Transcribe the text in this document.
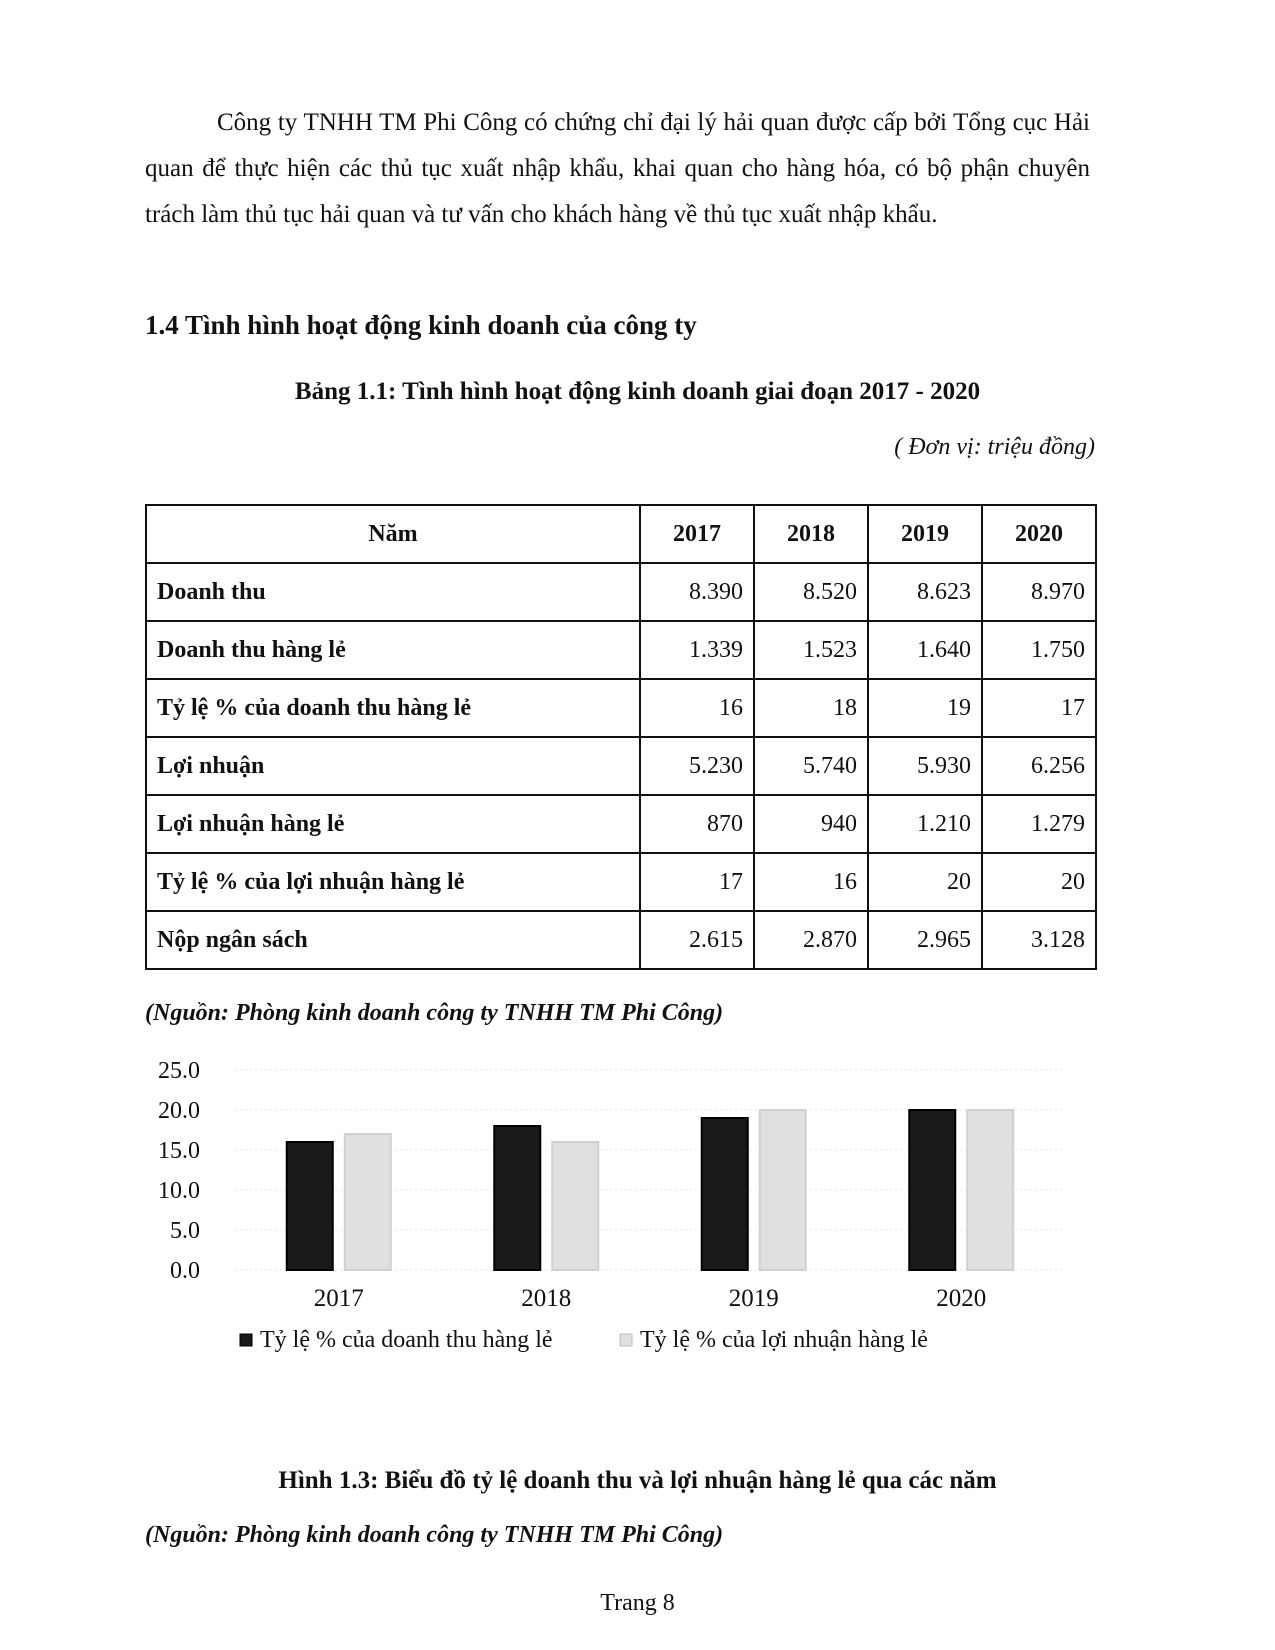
Công ty TNHH TM Phi Công có chứng chỉ đại lý hải quan được cấp bởi Tổng cục Hải quan để thực hiện các thủ tục xuất nhập khẩu, khai quan cho hàng hóa, có bộ phận chuyên trách làm thủ tục hải quan và tư vấn cho khách hàng về thủ tục xuất nhập khẩu.

1.4 Tình hình hoạt động kinh doanh của công ty
Bảng 1.1: Tình hình hoạt động kinh doanh giai đoạn 2017 - 2020
( Đơn vị: triệu đồng)
Năm	2017	2018	2019	2020
Doanh thu	8.390	8.520	8.623	8.970
Doanh thu hàng lẻ	1.339	1.523	1.640	1.750
Tỷ lệ % của doanh thu hàng lẻ	16	18	19	17
Lợi nhuận	5.230	5.740	5.930	6.256
Lợi nhuận hàng lẻ	870	940	1.210	1.279
Tỷ lệ % của lợi nhuận hàng lẻ	17	16	20	20
Nộp ngân sách	2.615	2.870	2.965	3.128
(Nguồn: Phòng kinh doanh công ty TNHH TM Phi Công)
0.0
5.0
10.0
15.0
20.0
25.0
2017	2018	2019	2020
Tỷ lệ % của doanh thu hàng lẻ	Tỷ lệ % của lợi nhuận hàng lẻ
Hình 1.3: Biểu đồ tỷ lệ doanh thu và lợi nhuận hàng lẻ qua các năm
(Nguồn: Phòng kinh doanh công ty TNHH TM Phi Công)
Trang 8
